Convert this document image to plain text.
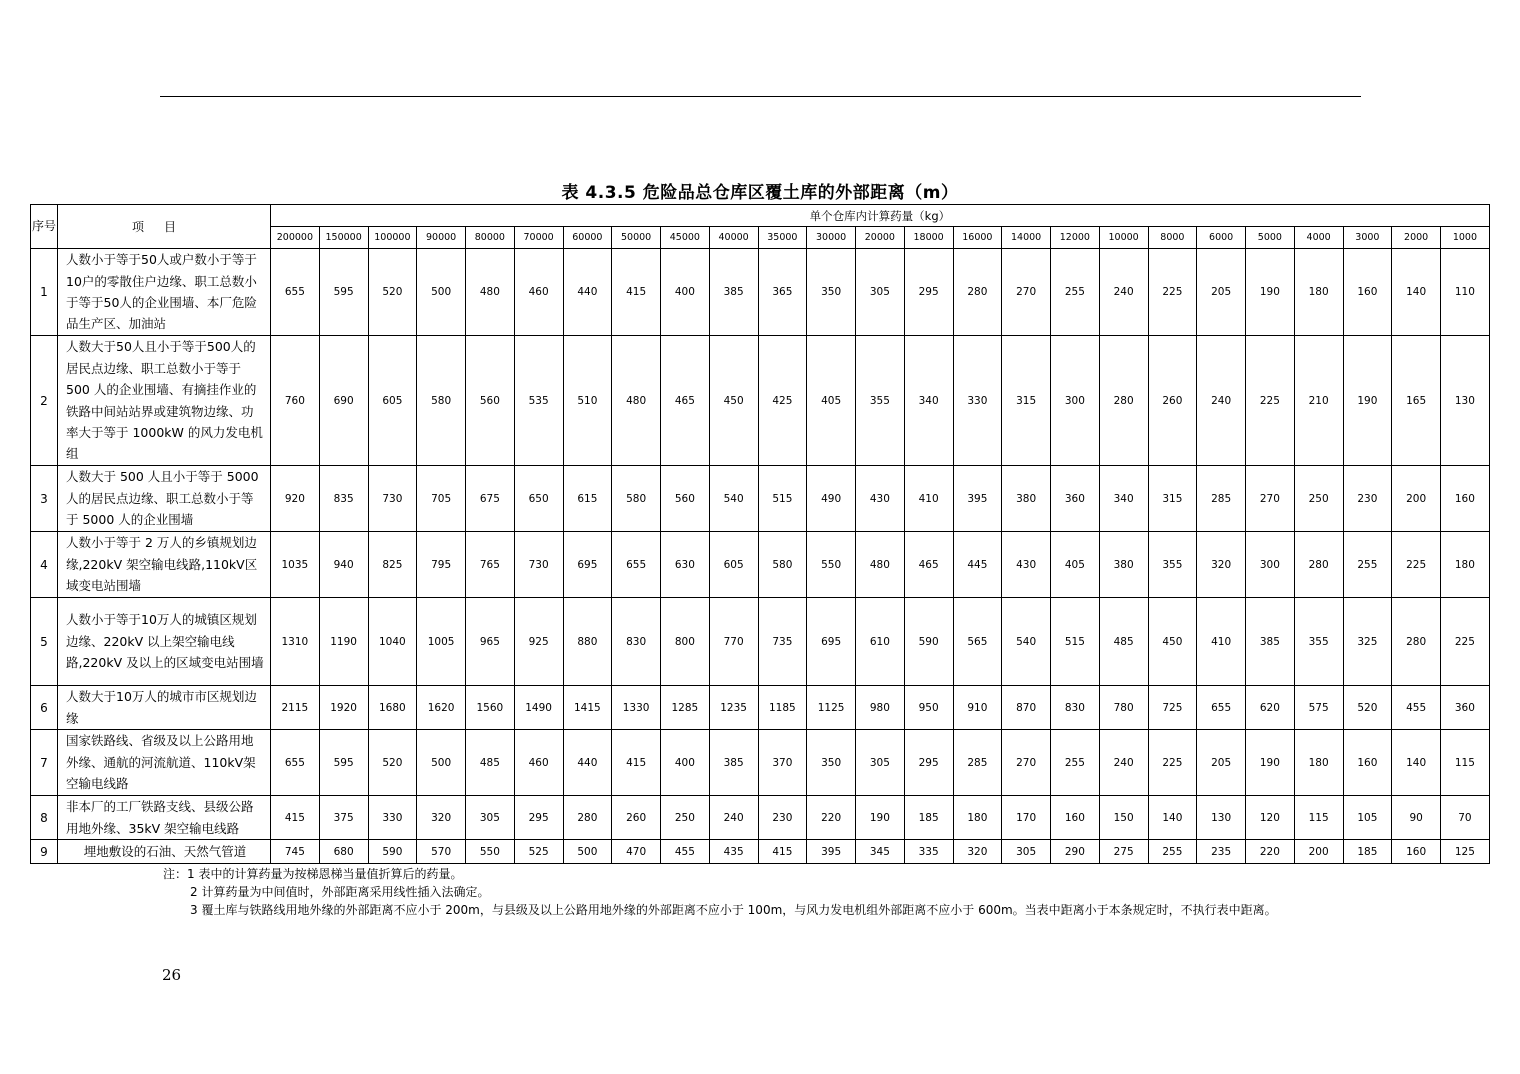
表 4.3.5 危险品总仓库区覆土库的外部距离（m）
序号	项目	单个仓库内计算药量（kg）																								
		200000	150000	100000	90000	80000	70000	60000	50000	45000	40000	35000	30000	20000	18000	16000	14000	12000	10000	8000	6000	5000	4000	3000	2000	1000
1	人数小于等于50人或户数小于等于10户的零散住户边缘、职工总数小于等于50人的企业围墙、本厂危险品生产区、加油站	655	595	520	500	480	460	440	415	400	385	365	350	305	295	280	270	255	240	225	205	190	180	160	140	110
2	人数大于50人且小于等于500人的居民点边缘、职工总数小于等于 500 人的企业围墙、有摘挂作业的铁路中间站站界或建筑物边缘、功率大于等于 1000kW 的风力发电机组	760	690	605	580	560	535	510	480	465	450	425	405	355	340	330	315	300	280	260	240	225	210	190	165	130
3	人数大于 500 人且小于等于 5000 人的居民点边缘、职工总数小于等于 5000 人的企业围墙	920	835	730	705	675	650	615	580	560	540	515	490	430	410	395	380	360	340	315	285	270	250	230	200	160
4	人数小于等于 2 万人的乡镇规划边缘,220kV 架空输电线路,110kV区域变电站围墙	1035	940	825	795	765	730	695	655	630	605	580	550	480	465	445	430	405	380	355	320	300	280	255	225	180
5	人数小于等于10万人的城镇区规划边缘、220kV 以上架空输电线路,220kV 及以上的区域变电站围墙	1310	1190	1040	1005	965	925	880	830	800	770	735	695	610	590	565	540	515	485	450	410	385	355	325	280	225
6	人数大于10万人的城市市区规划边缘	2115	1920	1680	1620	1560	1490	1415	1330	1285	1235	1185	1125	980	950	910	870	830	780	725	655	620	575	520	455	360
7	国家铁路线、省级及以上公路用地外缘、通航的河流航道、110kV架空输电线路	655	595	520	500	485	460	440	415	400	385	370	350	305	295	285	270	255	240	225	205	190	180	160	140	115
8	非本厂的工厂铁路支线、县级公路用地外缘、35kV 架空输电线路	415	375	330	320	305	295	280	260	250	240	230	220	190	185	180	170	160	150	140	130	120	115	105	90	70
9	埋地敷设的石油、天然气管道	745	680	590	570	550	525	500	470	455	435	415	395	345	335	320	305	290	275	255	235	220	200	185	160	125

注：1 表中的计算药量为按梯恩梯当量值折算后的药量。

2 计算药量为中间值时，外部距离采用线性插入法确定。

3 覆土库与铁路线用地外缘的外部距离不应小于 200m，与县级及以上公路用地外缘的外部距离不应小于 100m，与风力发电机组外部距离不应小于 600m。当表中距离小于本条规定时，不执行表中距离。

26
